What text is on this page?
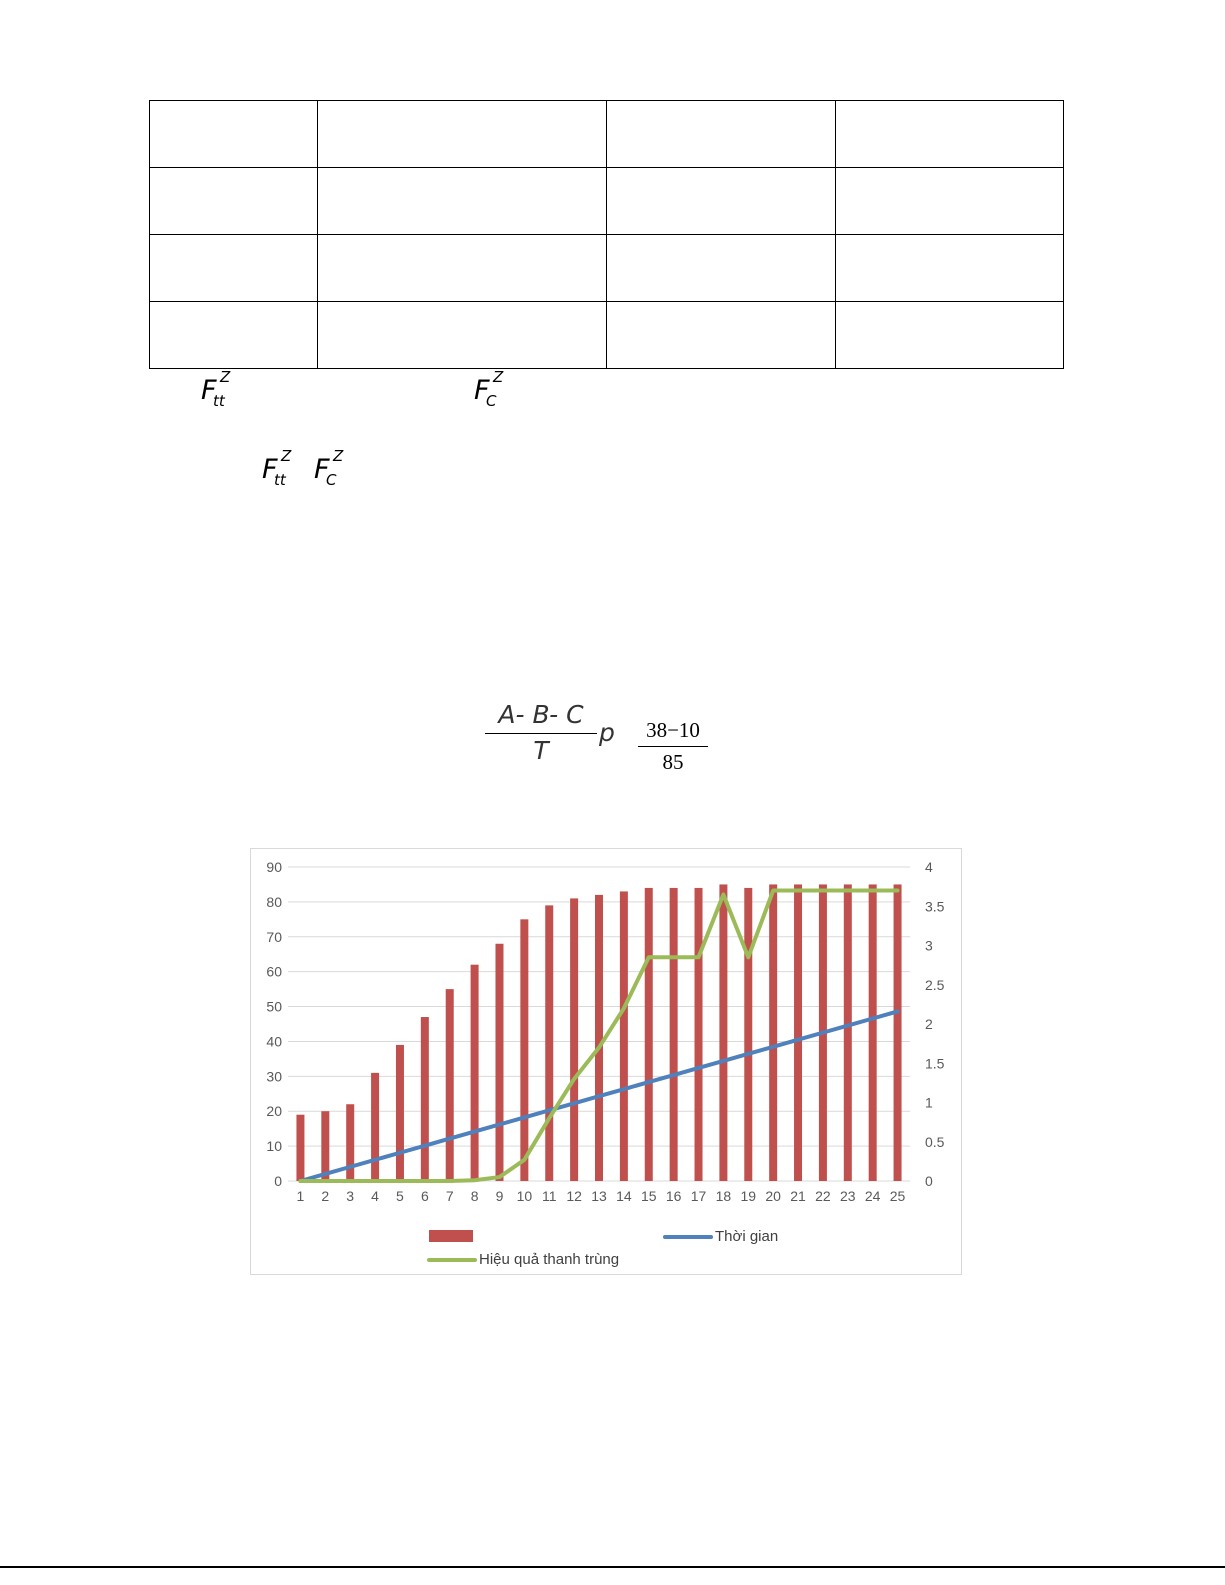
F Z
tt	F Z
C
F Z
tt F Z
C
$\frac{A- B- C}{T}$ p $\frac{38-10}{85}$
0
10
20
30
40
50
60
70
80
90
0
0.5
1
1.5
2
2.5
3
3.5
4
1 2 3 4 5 6 7 8 9 10 11 12 13 14 15 16 17 18 19 20 21 22 23 24 25
Thời gian
Hiệu quả thanh trùng
